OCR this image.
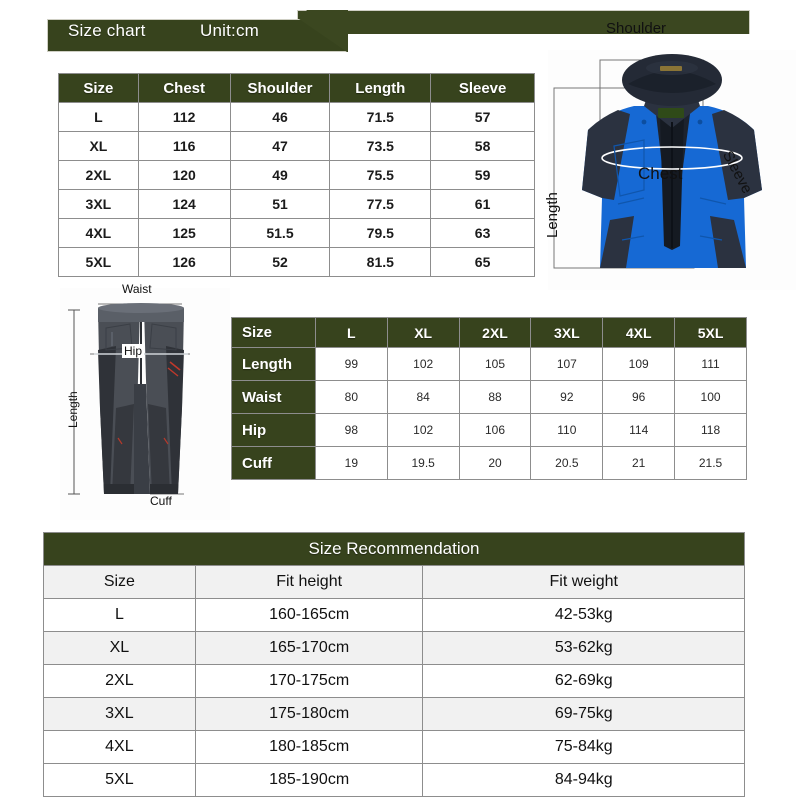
Size chart	Unit:cm
Size	Chest	Shoulder	Length	Sleeve
L	112	46	71.5	57
XL	116	47	73.5	58
2XL	120	49	75.5	59
3XL	124	51	77.5	61
4XL	125	51.5	79.5	63
5XL	126	52	81.5	65
Shoulder
Length
Chest Sleeve
Waist
Hip
Length
Cuff
Size	L	XL	2XL	3XL	4XL	5XL
Length	99	102	105	107	109	111
Waist	80	84	88	92	96	100
Hip	98	102	106	110	114	118
Cuff	19	19.5	20	20.5	21	21.5
Size Recommendation		
Size	Fit height	Fit weight
L	160-165cm	42-53kg
XL	165-170cm	53-62kg
2XL	170-175cm	62-69kg
3XL	175-180cm	69-75kg
4XL	180-185cm	75-84kg
5XL	185-190cm	84-94kg
